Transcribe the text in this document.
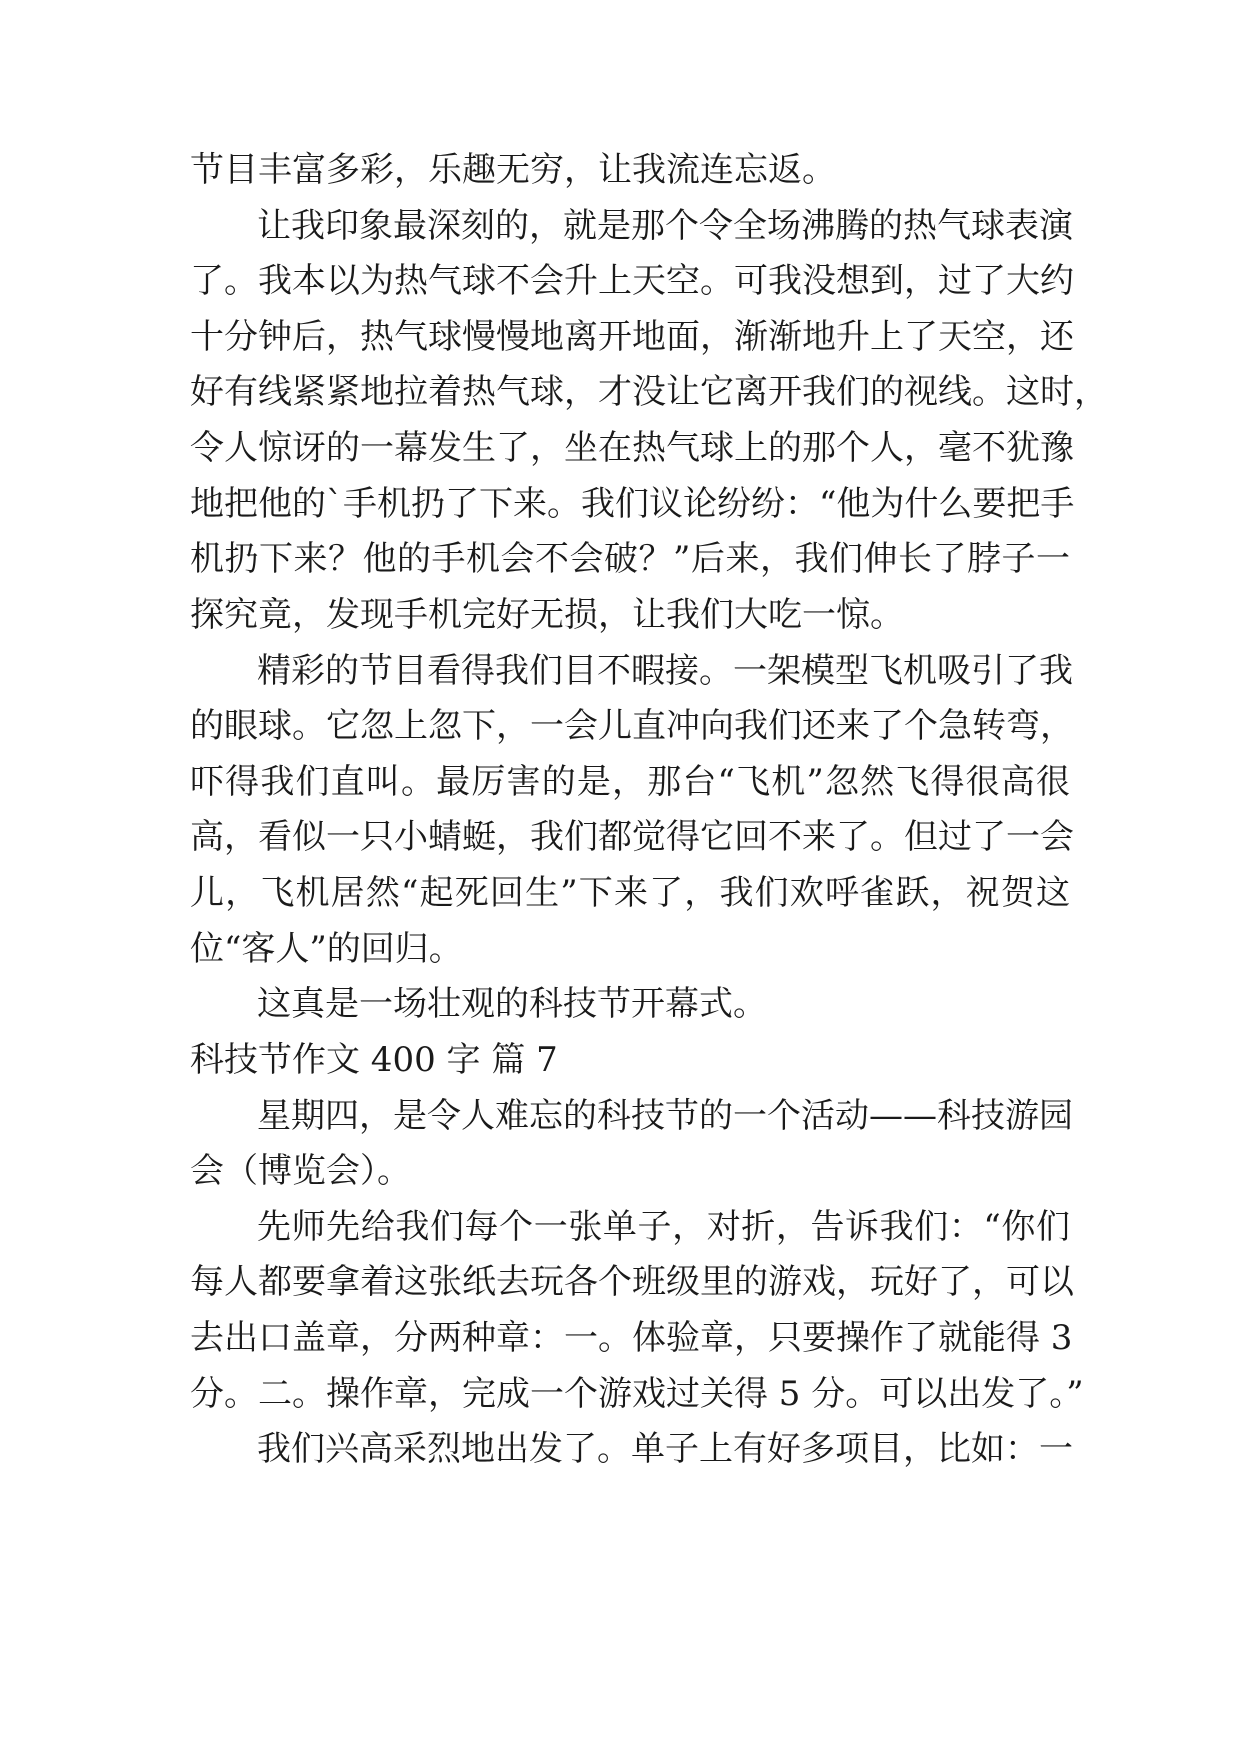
节目丰富多彩，乐趣无穷，让我流连忘返。
让我印象最深刻的，就是那个令全场沸腾的热气球表演
了。我本以为热气球不会升上天空。可我没想到，过了大约
十分钟后，热气球慢慢地离开地面，渐渐地升上了天空，还
好有线紧紧地拉着热气球，才没让它离开我们的视线。这时，
令人惊讶的一幕发生了，坐在热气球上的那个人，毫不犹豫
地把他的`手机扔了下来。我们议论纷纷：“他为什么要把手
机扔下来？他的手机会不会破？”后来，我们伸长了脖子一
探究竟，发现手机完好无损，让我们大吃一惊。
精彩的节目看得我们目不暇接。一架模型飞机吸引了我
的眼球。它忽上忽下，一会儿直冲向我们还来了个急转弯，
吓得我们直叫。最厉害的是，那台“飞机”忽然飞得很高很
高，看似一只小蜻蜓，我们都觉得它回不来了。但过了一会
儿，飞机居然“起死回生”下来了，我们欢呼雀跃，祝贺这
位“客人”的回归。
这真是一场壮观的科技节开幕式。
科技节作文 400 字 篇 7
星期四，是令人难忘的科技节的一个活动——科技游园
会（博览会）。
先师先给我们每个一张单子，对折，告诉我们：“你们
每人都要拿着这张纸去玩各个班级里的游戏，玩好了，可以
去出口盖章，分两种章：一。体验章，只要操作了就能得 3
分。二。操作章，完成一个游戏过关得 5 分。可以出发了。”
我们兴高采烈地出发了。单子上有好多项目，比如：一
